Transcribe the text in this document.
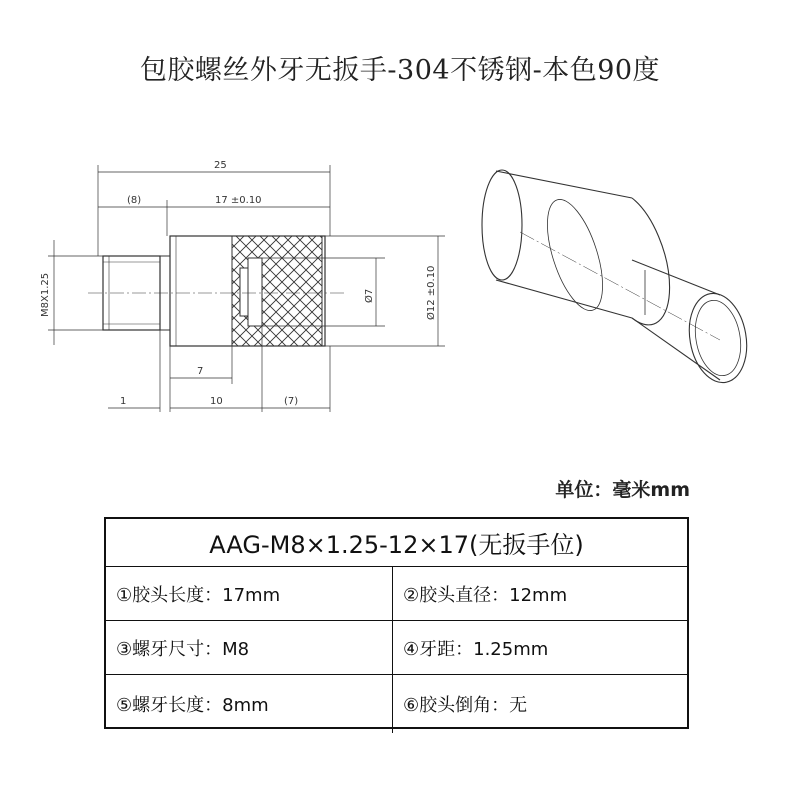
包胶螺丝外牙无扳手-304不锈钢-本色90度
25
(8)	17 ±0.10
M8X1.25	Ø7	Ø12 ±0.10
7
1	10	(7)
单位：毫米mm
AAG-M8×1.25-12×17(无扳手位)
①胶头长度：17mm	②胶头直径：12mm
③螺牙尺寸：M8	④牙距：1.25mm
⑤螺牙长度：8mm	⑥胶头倒角：无
